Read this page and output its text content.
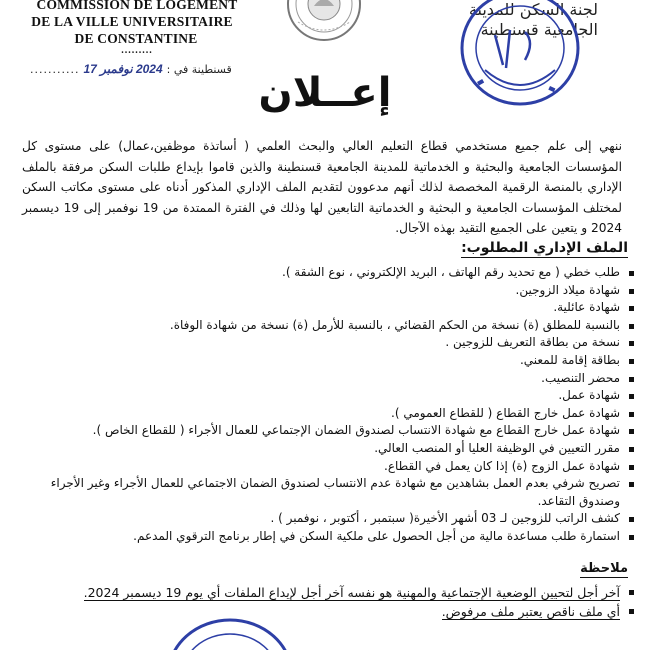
COMMISSION DE LOGEMENT
DE LA VILLE UNIVERSITAIRE
DE CONSTANTINE
.........
لجنة السكن للمدينة
الجامعية قسنطينة
قسنطينة في :
2024 نوفمبر 17
...........
إعــلان
ننهي إلى علم جميع مستخدمي قطاع التعليم العالي والبحث العلمي ( أساتذة موظفين،عمال) على مستوى كل المؤسسات الجامعية والبحثية و الخدماتية للمدينة الجامعية قسنطينة والذين قاموا بإيداع طلبات السكن مرفقة بالملف الإداري بالمنصة الرقمية المخصصة لذلك أنهم مدعوون لتقديم الملف الإداري المذكور أدناه على مستوى مكاتب السكن لمختلف المؤسسات الجامعية و البحثية و الخدماتية التابعين لها وذلك في الفترة الممتدة من 19 نوفمبر إلى 19 ديسمبر 2024 و يتعين على الجميع التقيد بهذه الآجال.
الملف الإداري المطلوب:
طلب خطي ( مع تحديد رقم الهاتف ، البريد الإلكتروني ، نوع الشقة ).
شهادة ميلاد الزوجين.
شهادة عائلية.
بالنسبة للمطلق (ة) نسخة من الحكم القضائي ، بالنسبة للأرمل (ة) نسخة من شهادة الوفاة.
نسخة من بطاقة التعريف للزوجين .
بطاقة إقامة للمعني.
محضر التنصيب.
شهادة عمل.
شهادة عمل خارج القطاع ( للقطاع العمومي ).
شهادة عمل خارج القطاع مع شهادة الانتساب لصندوق الضمان الإجتماعي للعمال الأجراء ( للقطاع الخاص ).
مقرر التعيين في الوظيفة العليا أو المنصب العالي.
شهادة عمل الزوج (ة) إذا كان يعمل في القطاع.
تصريح شرفي بعدم العمل بشاهدين مع شهادة عدم الانتساب لصندوق الضمان الاجتماعي للعمال الأجراء وغير الأجراء وصندوق التقاعد.
كشف الراتب للزوجين لـ 03 أشهر الأخيرة( سبتمبر ، أكتوبر ، نوفمبر ) .
استمارة طلب مساعدة مالية من أجل الحصول على ملكية السكن في إطار برنامج الترقوي المدعم.
ملاحظة
آخر أجل لتحيين الوضعية الإجتماعية والمهنية هو نفسه آخر أجل لإيداع الملفات أي يوم 19 ديسمبر 2024.
أي ملف ناقص يعتبر ملف مرفوض.
